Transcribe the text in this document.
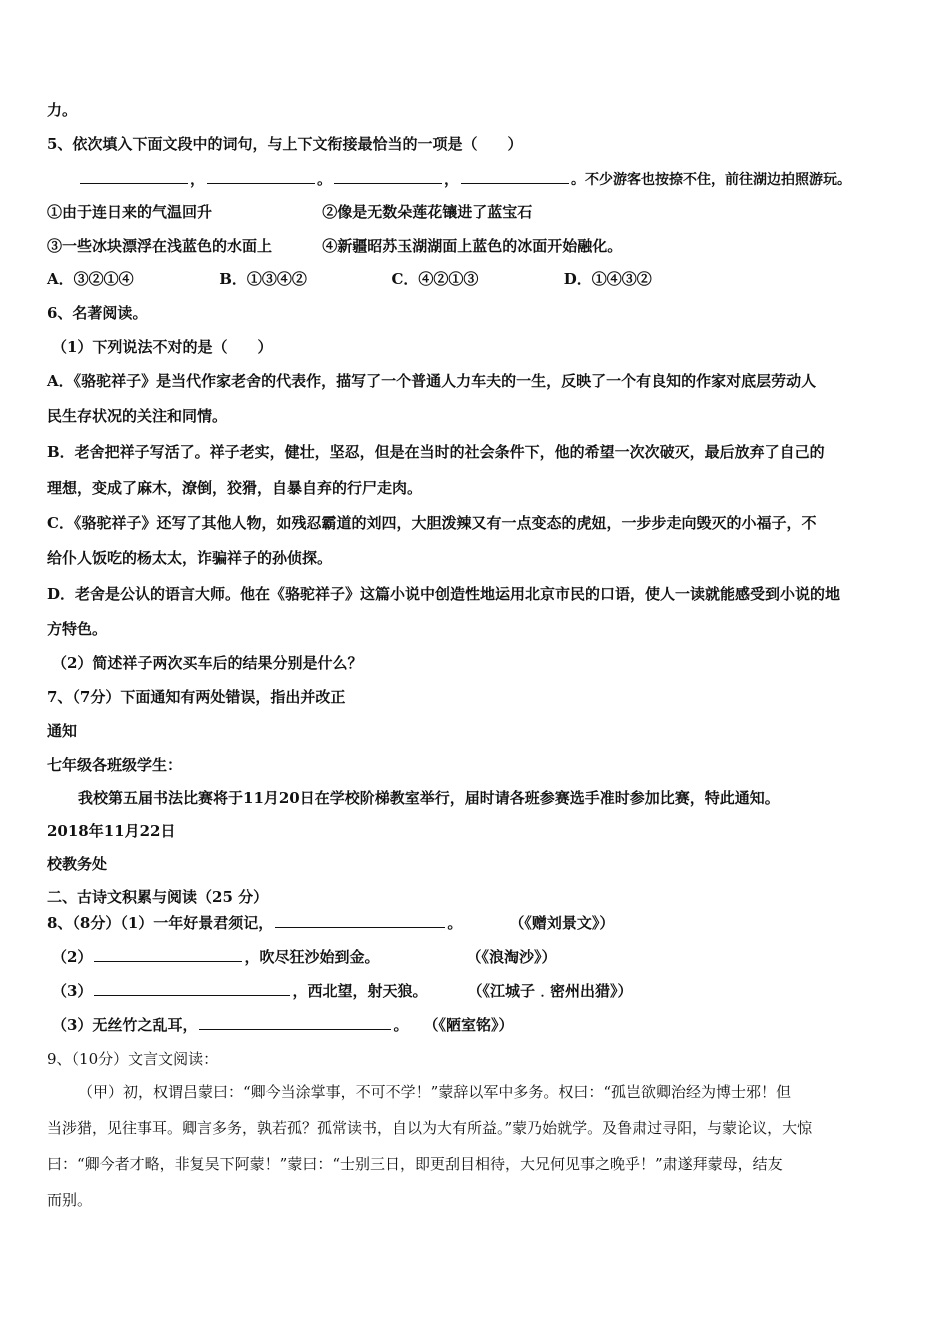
力。
5、依次填入下面文段中的词句，与上下文衔接最恰当的一项是（　　）
，	。	，	。不少游客也按捺不住，前往湖边拍照游玩。
①由于连日来的气温回升	②像是无数朵莲花镶进了蓝宝石
③一些冰块漂浮在浅蓝色的水面上	④新疆昭苏玉湖湖面上蓝色的冰面开始融化。
A．③②①④	B．①③④②	C．④②①③	D．①④③②
6、名著阅读。
（1）下列说法不对的是（　　）
A．《骆驼祥子》是当代作家老舍的代表作，描写了一个普通人力车夫的一生，反映了一个有良知的作家对底层劳动人
民生存状况的关注和同情。
B．老舍把祥子写活了。祥子老实，健壮，坚忍，但是在当时的社会条件下，他的希望一次次破灭，最后放弃了自己的
理想，变成了麻木，潦倒，狡猾，自暴自弃的行尸走肉。
C．《骆驼祥子》还写了其他人物，如残忍霸道的刘四，大胆泼辣又有一点变态的虎妞，一步步走向毁灭的小福子，不
给仆人饭吃的杨太太，诈骗祥子的孙侦探。
D．老舍是公认的语言大师。他在《骆驼祥子》这篇小说中创造性地运用北京市民的口语，使人一读就能感受到小说的地
方特色。
（2）简述祥子两次买车后的结果分别是什么？
7、（7分）下面通知有两处错误，指出并改正
通知
七年级各班级学生：
我校第五届书法比赛将于11月20日在学校阶梯教室举行，届时请各班参赛选手准时参加比赛，特此通知。
2018年11月22日
校教务处
二、古诗文积累与阅读（25 分）
8、（8分）（1）一年好景君须记，	。	（《赠刘景文》）
（2）	，吹尽狂沙始到金。	（《浪淘沙》）
（3）	，西北望，射天狼。	（《江城子﹒密州出猎》）
（3）无丝竹之乱耳，	。 （《陋室铭》）
9、（10分）文言文阅读：
（甲）初，权谓吕蒙曰：“卿今当涂掌事，不可不学！”蒙辞以军中多务。权曰：“孤岂欲卿治经为博士邪！但
当涉猎，见往事耳。卿言多务，孰若孤？孤常读书，自以为大有所益。”蒙乃始就学。及鲁肃过寻阳，与蒙论议，大惊
曰：“卿今者才略，非复吴下阿蒙！”蒙曰：“士别三日，即更刮目相待，大兄何见事之晚乎！”肃遂拜蒙母，结友
而别。
